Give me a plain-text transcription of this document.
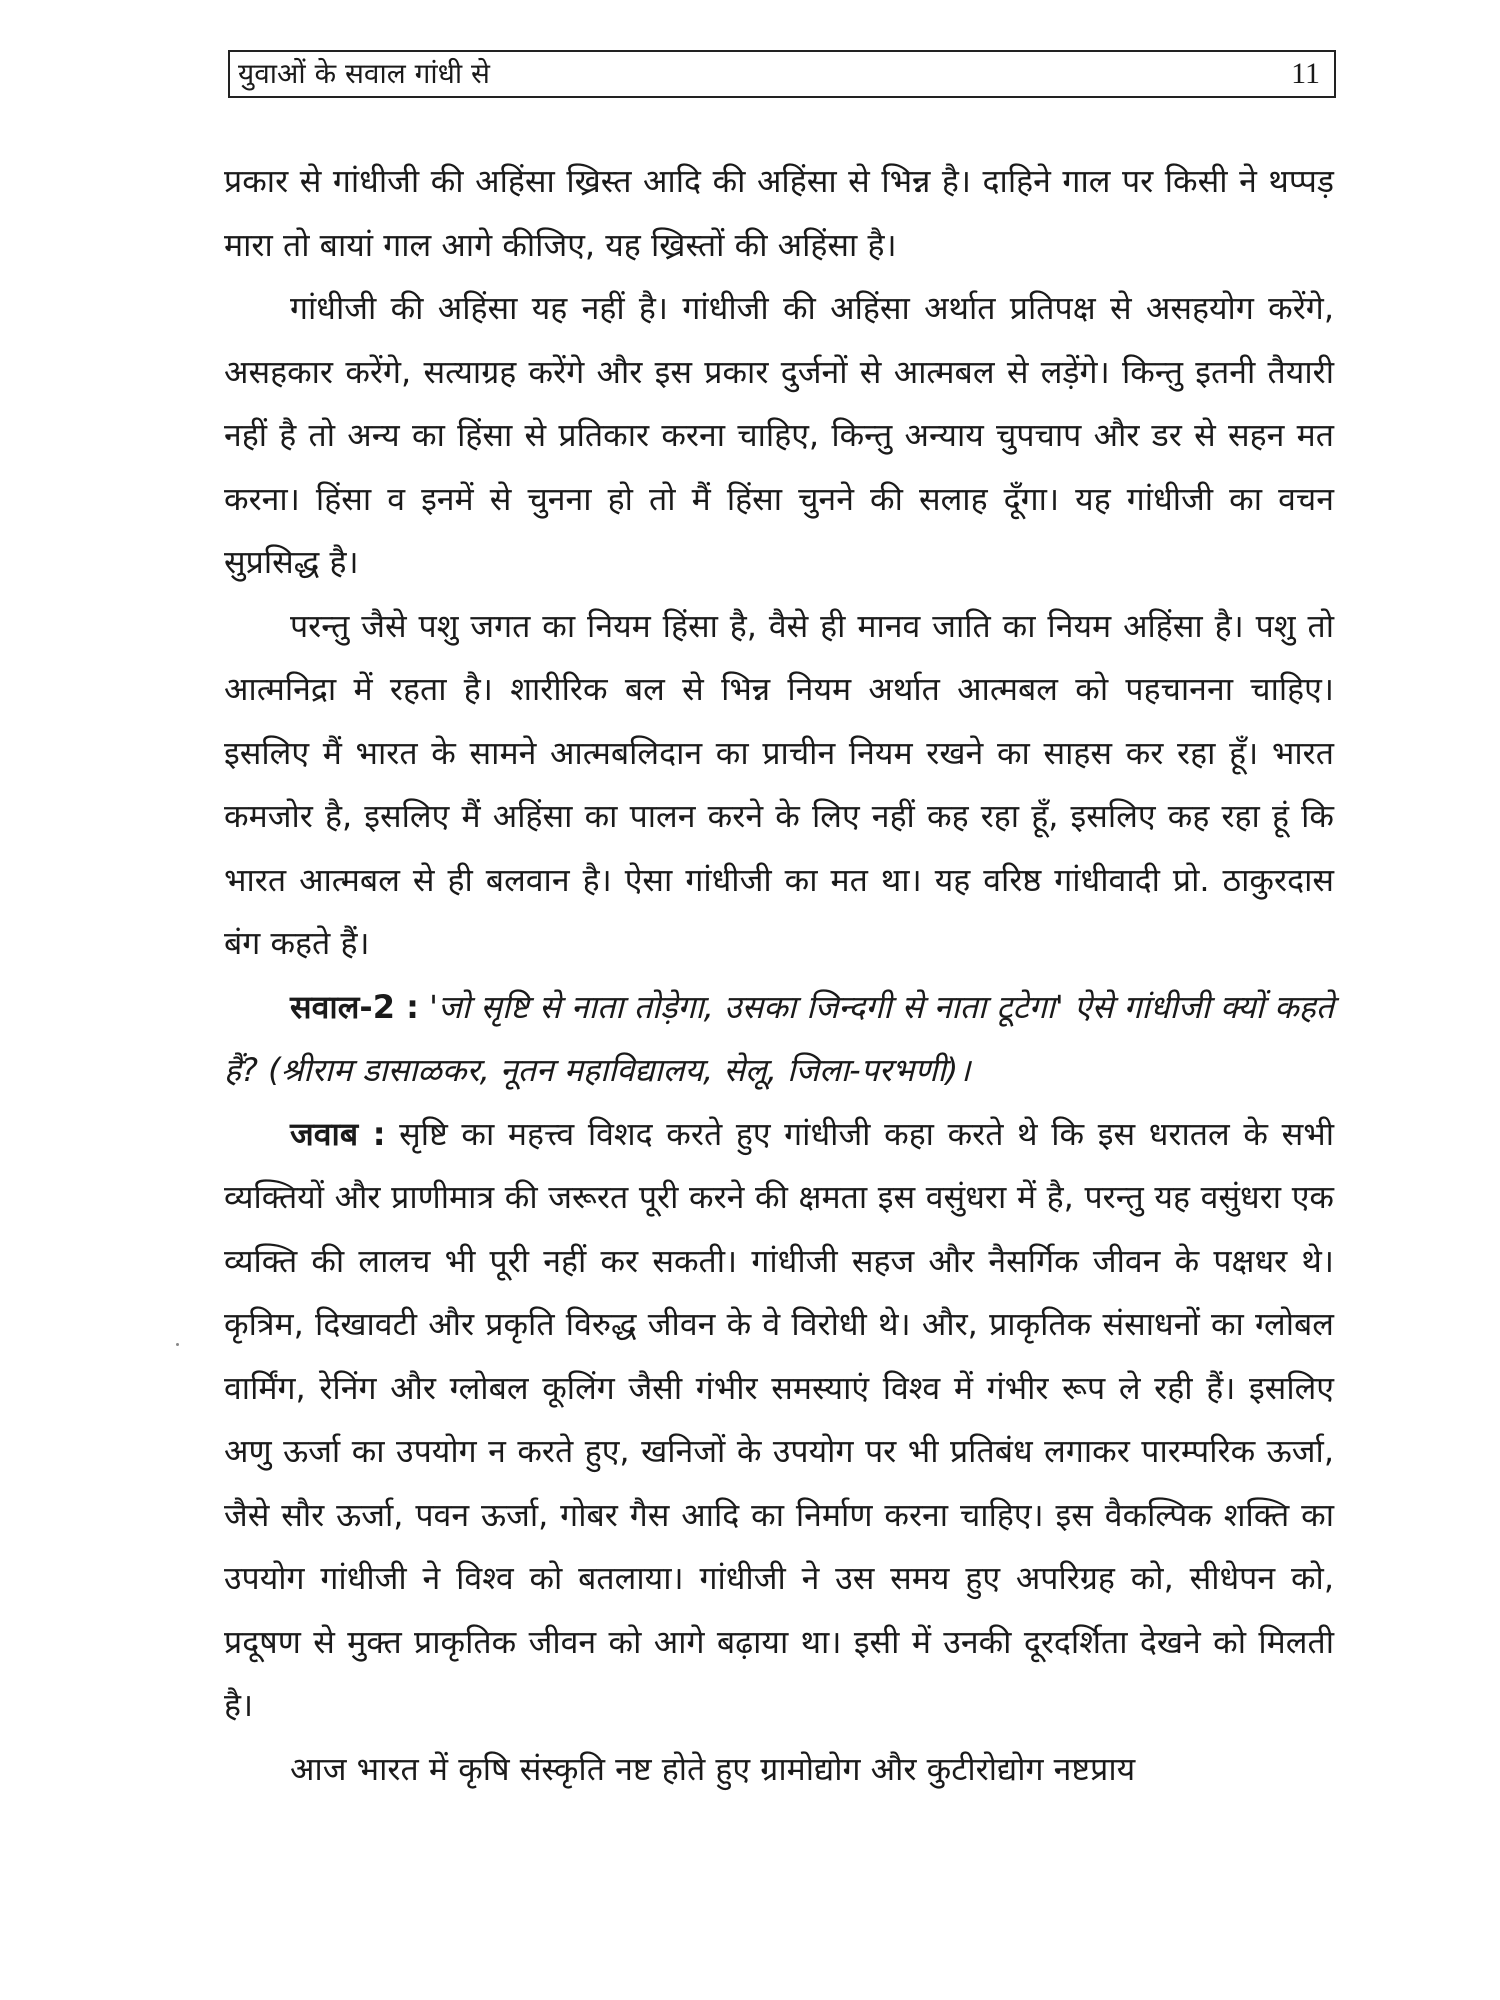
युवाओं के सवाल गांधी से	11

प्रकार से गांधीजी की अहिंसा ख्रिस्त आदि की अहिंसा से भिन्न है। दाहिने गाल पर किसी ने थप्पड़ मारा तो बायां गाल आगे कीजिए, यह ख्रिस्तों की अहिंसा है।

गांधीजी की अहिंसा यह नहीं है। गांधीजी की अहिंसा अर्थात प्रतिपक्ष से असहयोग करेंगे, असहकार करेंगे, सत्याग्रह करेंगे और इस प्रकार दुर्जनों से आत्मबल से लड़ेंगे। किन्तु इतनी तैयारी नहीं है तो अन्य का हिंसा से प्रतिकार करना चाहिए, किन्तु अन्याय चुपचाप और डर से सहन मत करना। हिंसा व इनमें से चुनना हो तो मैं हिंसा चुनने की सलाह दूँगा। यह गांधीजी का वचन सुप्रसिद्ध है।

परन्तु जैसे पशु जगत का नियम हिंसा है, वैसे ही मानव जाति का नियम अहिंसा है। पशु तो आत्मनिद्रा में रहता है। शारीरिक बल से भिन्न नियम अर्थात आत्मबल को पहचानना चाहिए। इसलिए मैं भारत के सामने आत्मबलिदान का प्राचीन नियम रखने का साहस कर रहा हूँ। भारत कमजोर है, इसलिए मैं अहिंसा का पालन करने के लिए नहीं कह रहा हूँ, इसलिए कह रहा हूं कि भारत आत्मबल से ही बलवान है। ऐसा गांधीजी का मत था। यह वरिष्ठ गांधीवादी प्रो. ठाकुरदास बंग कहते हैं।

सवाल-2 : 'जो सृष्टि से नाता तोड़ेगा, उसका जिन्दगी से नाता टूटेगा' ऐसे गांधीजी क्यों कहते हैं? (श्रीराम डासाळकर, नूतन महाविद्यालय, सेलू, जिला-परभणी)।

जवाब : सृष्टि का महत्त्व विशद करते हुए गांधीजी कहा करते थे कि इस धरातल के सभी व्यक्तियों और प्राणीमात्र की जरूरत पूरी करने की क्षमता इस वसुंधरा में है, परन्तु यह वसुंधरा एक व्यक्ति की लालच भी पूरी नहीं कर सकती। गांधीजी सहज और नैसर्गिक जीवन के पक्षधर थे। कृत्रिम, दिखावटी और प्रकृति विरुद्ध जीवन के वे विरोधी थे। और, प्राकृतिक संसाधनों का ग्लोबल वार्मिंग, रेनिंग और ग्लोबल कूलिंग जैसी गंभीर समस्याएं विश्व में गंभीर रूप ले रही हैं। इसलिए अणु ऊर्जा का उपयोग न करते हुए, खनिजों के उपयोग पर भी प्रतिबंध लगाकर पारम्परिक ऊर्जा, जैसे सौर ऊर्जा, पवन ऊर्जा, गोबर गैस आदि का निर्माण करना चाहिए। इस वैकल्पिक शक्ति का उपयोग गांधीजी ने विश्व को बतलाया। गांधीजी ने उस समय हुए अपरिग्रह को, सीधेपन को, प्रदूषण से मुक्त प्राकृतिक जीवन को आगे बढ़ाया था। इसी में उनकी दूरदर्शिता देखने को मिलती है।

आज भारत में कृषि संस्कृति नष्ट होते हुए ग्रामोद्योग और कुटीरोद्योग नष्टप्राय
